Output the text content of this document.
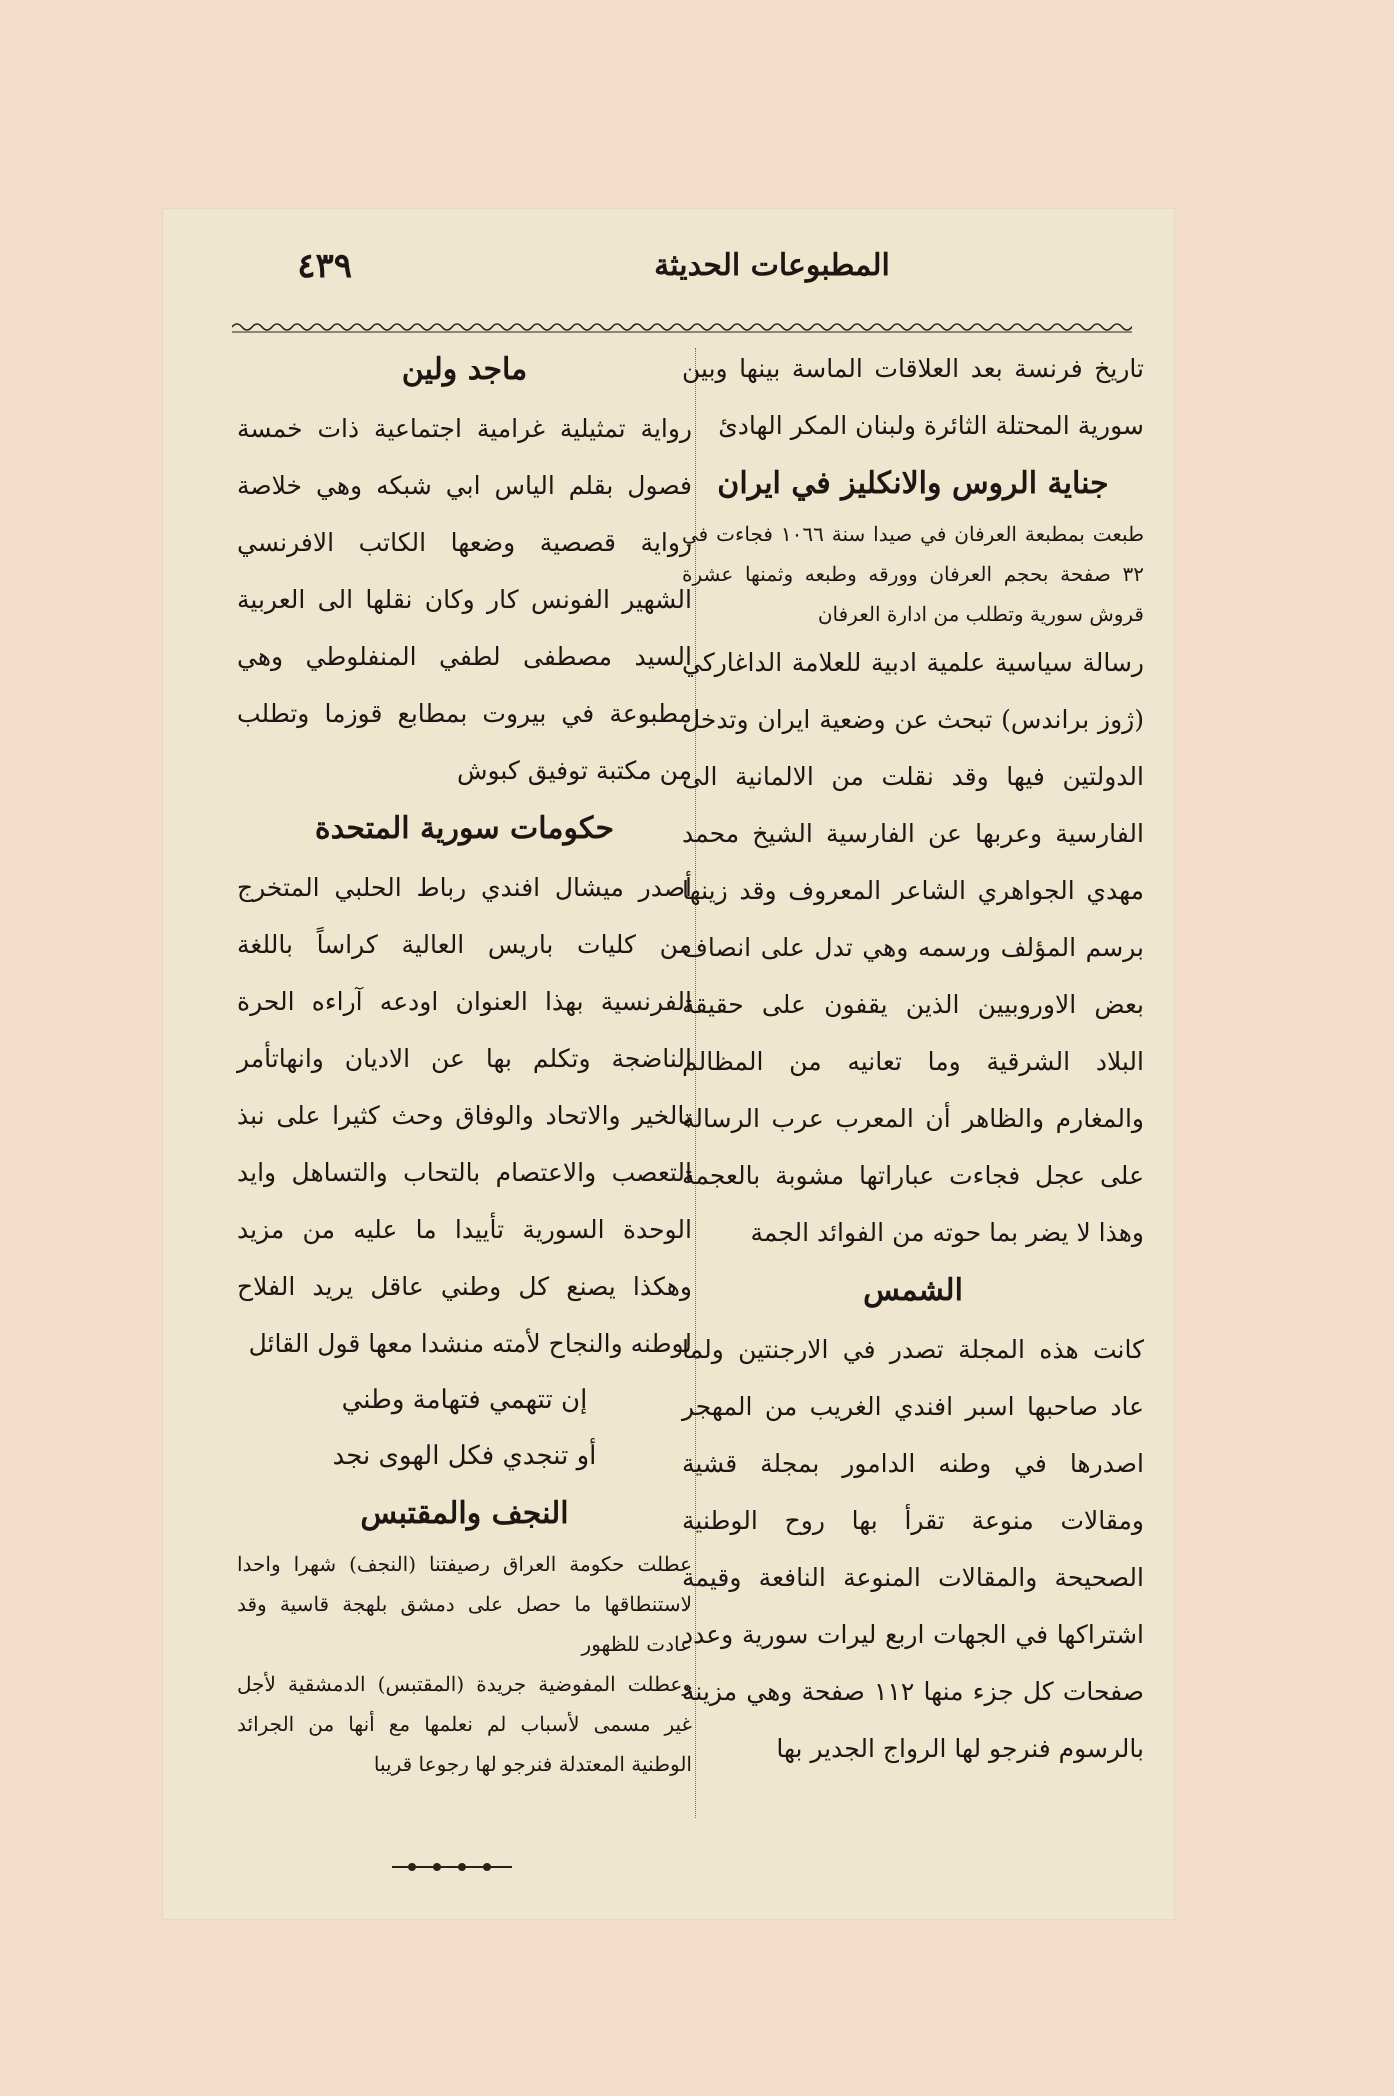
المطبوعات الحديثة
٤٣٩

تاريخ فرنسة بعد العلاقات الماسة بينها وبين سورية المحتلة الثائرة ولبنان المكر الهادئ

جناية الروس والانكليز في ايران

طبعت بمطبعة العرفان في صيدا سنة ١٠٦٦ فجاءت في ٣٢ صفحة بحجم العرفان وورقه وطبعه وثمنها عشرة قروش سورية وتطلب من ادارة العرفان

رسالة سياسية علمية ادبية للعلامة الداغاركي (ژوز براندس) تبحث عن وضعية ايران وتدخل الدولتين فيها وقد نقلت من الالمانية الى الفارسية وعربها عن الفارسية الشيخ محمد مهدي الجواهري الشاعر المعروف وقد زينها برسم المؤلف ورسمه وهي تدل على انصاف بعض الاوروبيين الذين يقفون على حقيقة البلاد الشرقية وما تعانيه من المظالم والمغارم والظاهر أن المعرب عرب الرسالة على عجل فجاءت عباراتها مشوبة بالعجمة وهذا لا يضر بما حوته من الفوائد الجمة

الشمس

كانت هذه المجلة تصدر في الارجنتين ولما عاد صاحبها اسبر افندي الغريب من المهجر اصدرها في وطنه الدامور بمجلة قشية ومقالات منوعة تقرأ بها روح الوطنية الصحيحة والمقالات المنوعة النافعة وقيمة اشتراكها في الجهات اربع ليرات سورية وعدد صفحات كل جزء منها ١١٢ صفحة وهي مزينة بالرسوم فنرجو لها الرواج الجدير بها

ماجد ولين

رواية تمثيلية غرامية اجتماعية ذات خمسة فصول بقلم الياس ابي شبكه وهي خلاصة رواية قصصية وضعها الكاتب الافرنسي الشهير الفونس كار وكان نقلها الى العربية السيد مصطفى لطفي المنفلوطي وهي مطبوعة في بيروت بمطابع قوزما وتطلب من مكتبة توفيق كبوش

حكومات سورية المتحدة

أصدر ميشال افندي رباط الحلبي المتخرج من كليات باريس العالية كراساً باللغة الفرنسية بهذا العنوان اودعه آراءه الحرة الناضجة وتكلم بها عن الاديان وانهاتأمر بالخير والاتحاد والوفاق وحث كثيرا على نبذ التعصب والاعتصام بالتحاب والتساهل وايد الوحدة السورية تأييدا ما عليه من مزيد وهكذا يصنع كل وطني عاقل يريد الفلاح لوطنه والنجاح لأمته منشدا معها قول القائل

إن تتهمي فتهامة وطني

أو تنجدي فكل الهوى نجد

النجف والمقتبس

عطلت حكومة العراق رصيفتنا (النجف) شهرا واحدا لاستنطاقها ما حصل على دمشق بلهجة قاسية وقد عادت للظهور

وعطلت المفوضية جريدة (المقتبس) الدمشقية لأجل غير مسمى لأسباب لم نعلمها مع أنها من الجرائد الوطنية المعتدلة فنرجو لها رجوعا قريبا
